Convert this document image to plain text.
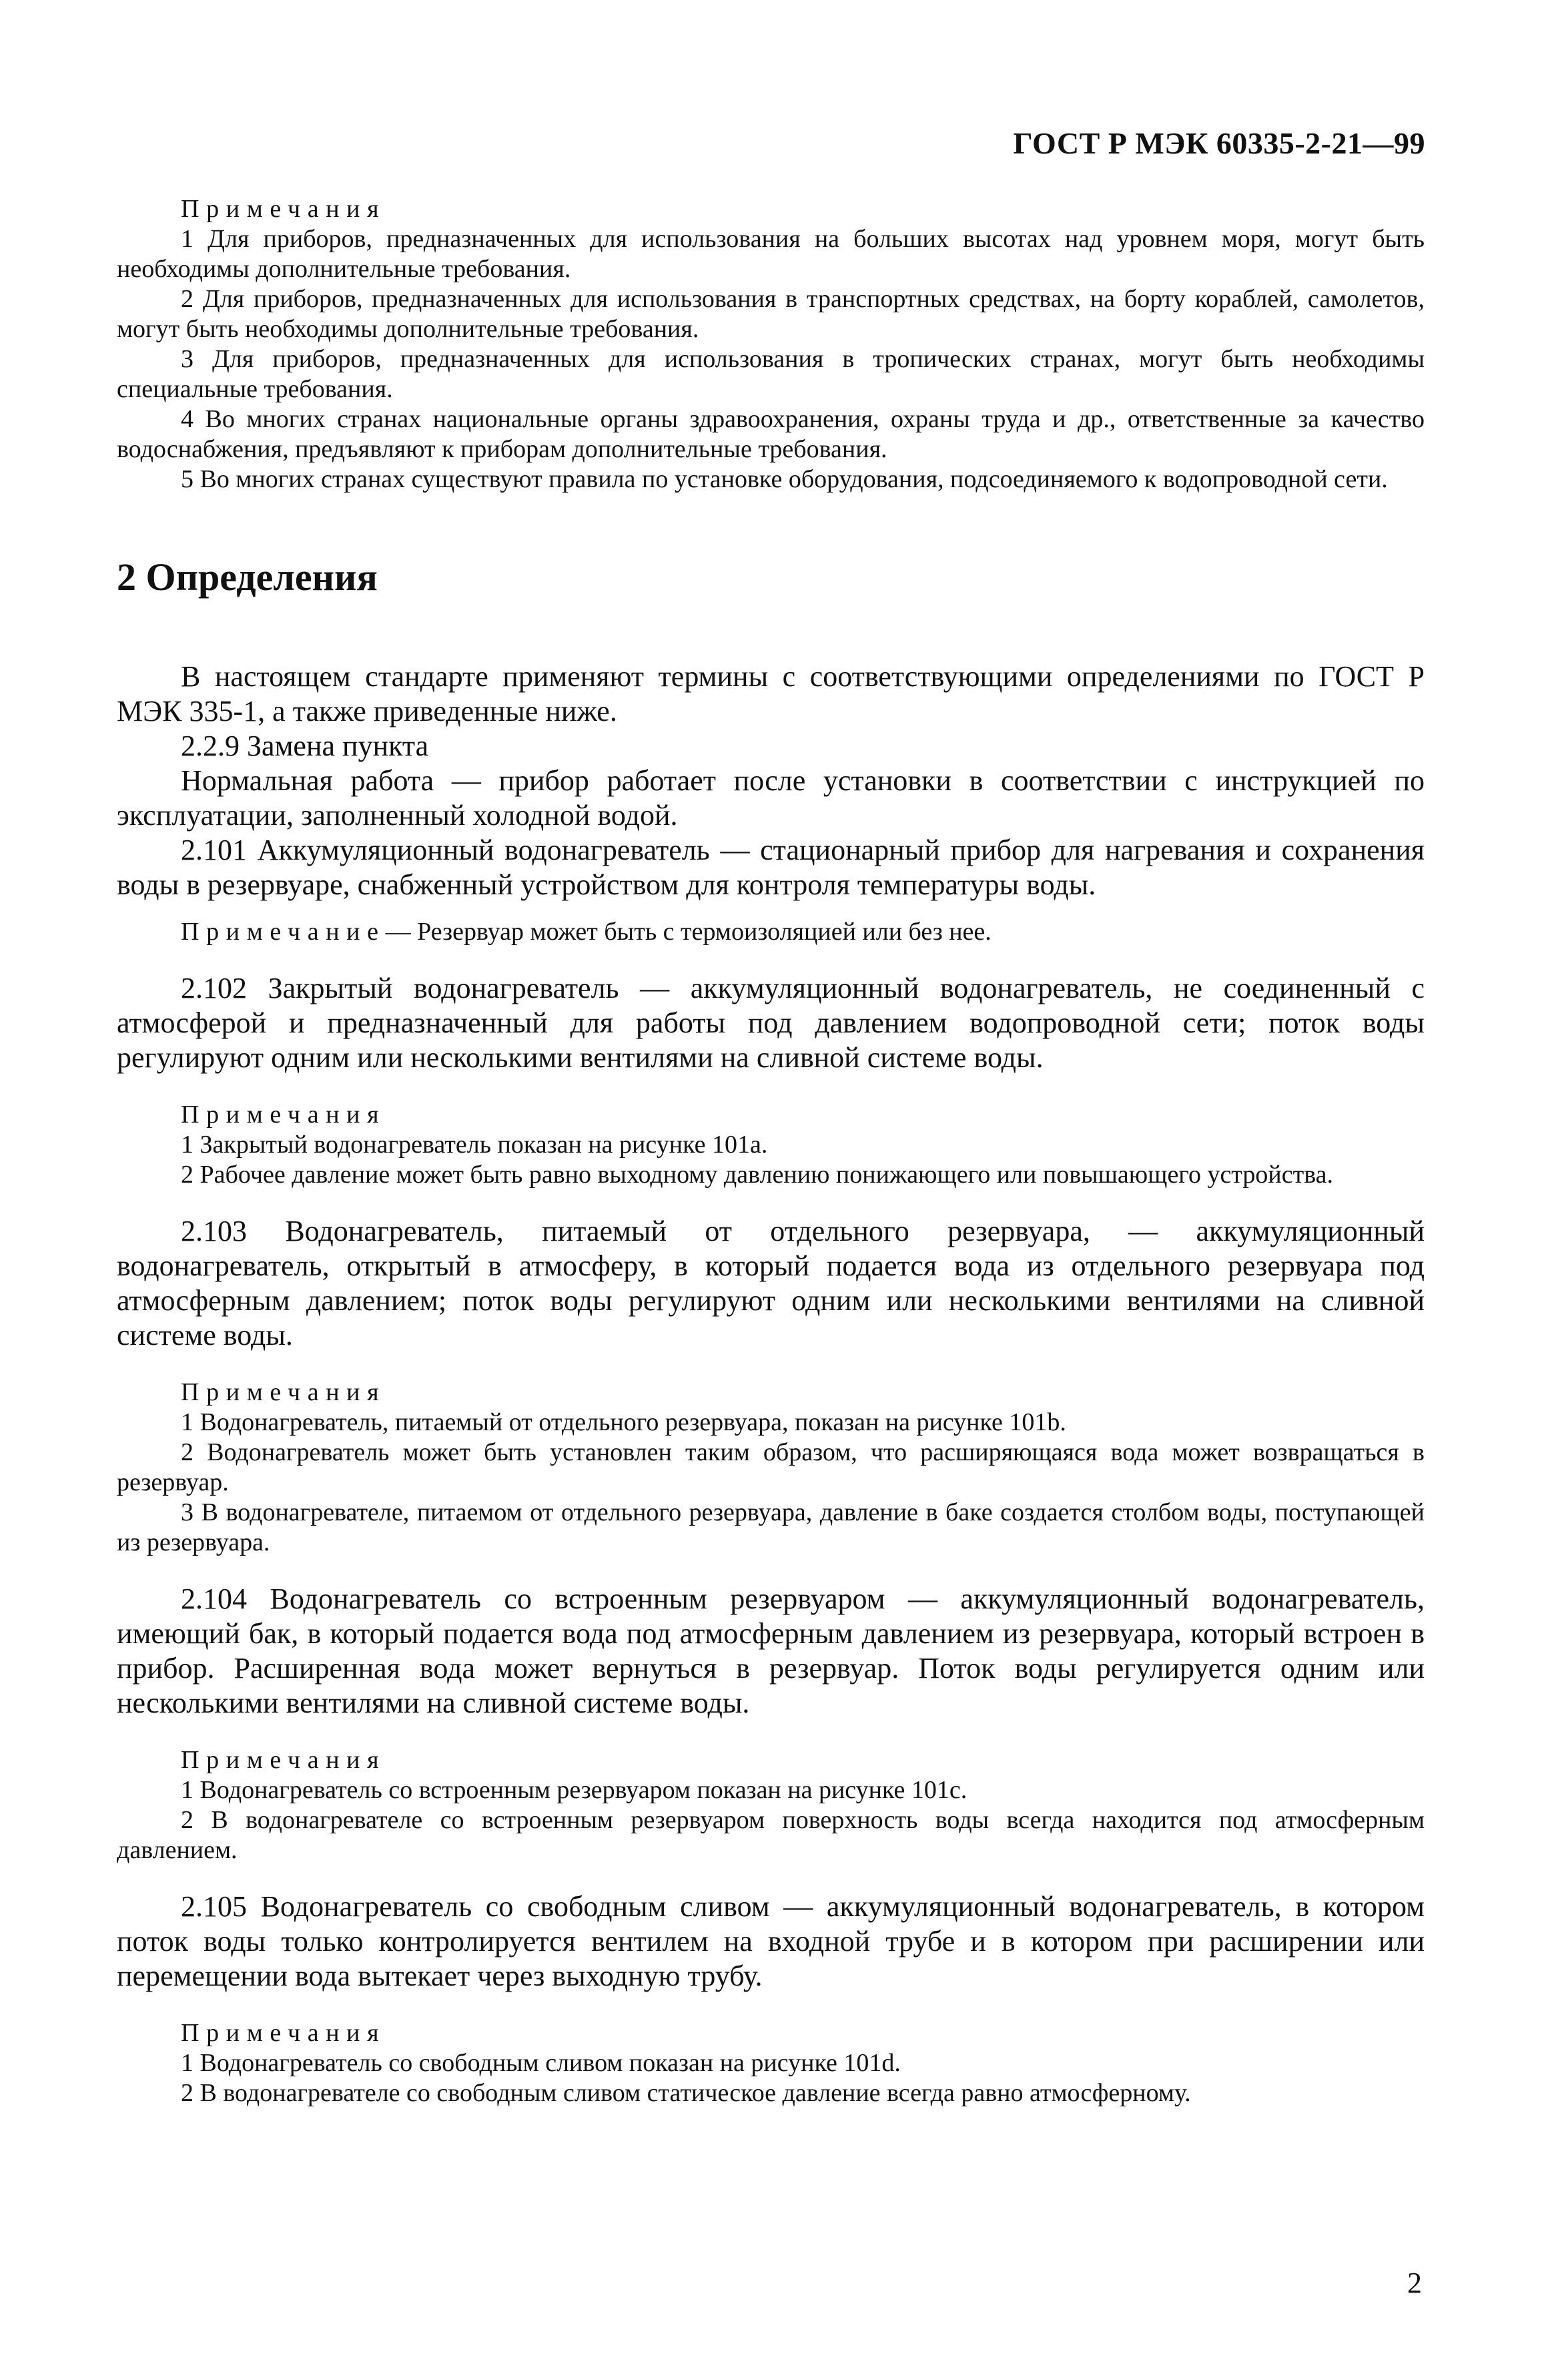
ГОСТ Р МЭК 60335-2-21—99

Примечания

1 Для приборов, предназначенных для использования на больших высотах над уровнем моря, могут быть необходимы дополнительные требования.

2 Для приборов, предназначенных для использования в транспортных средствах, на борту кораблей, самолетов, могут быть необходимы дополнительные требования.

3 Для приборов, предназначенных для использования в тропических странах, могут быть необходимы специальные требования.

4 Во многих странах национальные органы здравоохранения, охраны труда и др., ответственные за качество водоснабжения, предъявляют к приборам дополнительные требования.

5 Во многих странах существуют правила по установке оборудования, подсоединяемого к водопроводной сети.

2 Определения

В настоящем стандарте применяют термины с соответствующими определениями по ГОСТ Р МЭК 335-1, а также приведенные ниже.

2.2.9 Замена пункта

Нормальная работа — прибор работает после установки в соответствии с инструкцией по эксплуатации, заполненный холодной водой.

2.101 Аккумуляционный водонагреватель — стационарный прибор для нагревания и сохранения воды в резервуаре, снабженный устройством для контроля температуры воды.

Примечание— Резервуар может быть с термоизоляцией или без нее.

2.102 Закрытый водонагреватель — аккумуляционный водонагреватель, не соединенный с атмосферой и предназначенный для работы под давлением водопроводной сети; поток воды регулируют одним или несколькими вентилями на сливной системе воды.

Примечания

1 Закрытый водонагреватель показан на рисунке 101а.

2 Рабочее давление может быть равно выходному давлению понижающего или повышающего устройства.

2.103 Водонагреватель, питаемый от отдельного резервуара, — аккумуляционный водонагреватель, открытый в атмосферу, в который подается вода из отдельного резервуара под атмосферным давлением; поток воды регулируют одним или несколькими вентилями на сливной системе воды.

Примечания

1 Водонагреватель, питаемый от отдельного резервуара, показан на рисунке 101b.

2 Водонагреватель может быть установлен таким образом, что расширяющаяся вода может возвращаться в резервуар.

3 В водонагревателе, питаемом от отдельного резервуара, давление в баке создается столбом воды, поступающей из резервуара.

2.104 Водонагреватель со встроенным резервуаром — аккумуляционный водонагреватель, имеющий бак, в который подается вода под атмосферным давлением из резервуара, который встроен в прибор. Расширенная вода может вернуться в резервуар. Поток воды регулируется одним или несколькими вентилями на сливной системе воды.

Примечания

1 Водонагреватель со встроенным резервуаром показан на рисунке 101с.

2 В водонагревателе со встроенным резервуаром поверхность воды всегда находится под атмосферным давлением.

2.105 Водонагреватель со свободным сливом — аккумуляционный водонагреватель, в котором поток воды только контролируется вентилем на входной трубе и в котором при расширении или перемещении вода вытекает через выходную трубу.

Примечания

1 Водонагреватель со свободным сливом показан на рисунке 101d.

2 В водонагревателе со свободным сливом статическое давление всегда равно атмосферному.

2
